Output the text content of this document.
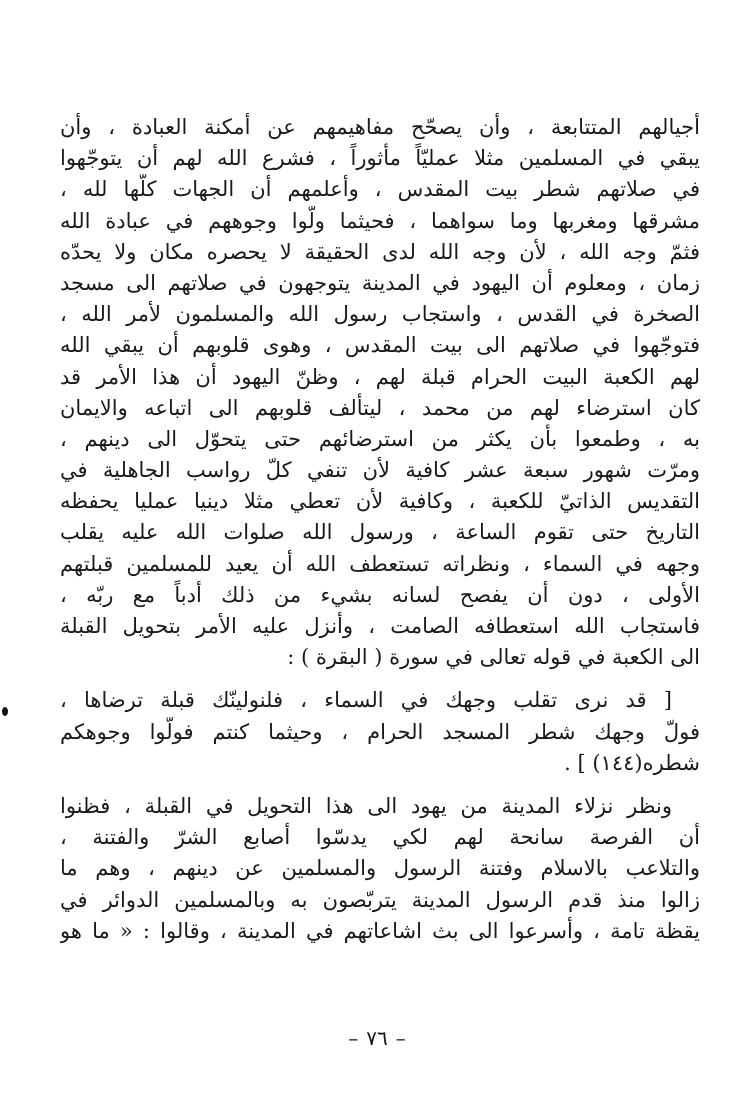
أجيالهم المتتابعة ، وأن يصحّح مفاهيمهم عن أمكنة العبادة ، وأن
يبقي في المسلمين مثلا عمليّاً مأثوراً ، فشرع الله لهم أن يتوجّهوا
في صلاتهم شطر بيت المقدس ، وأعلمهم أن الجهات كلّها لله ،
مشرقها ومغربها وما سواهما ، فحيثما ولّوا وجوههم في عبادة الله
فثمّ وجه الله ، لأن وجه الله لدى الحقيقة لا يحصره مكان ولا يحدّه
زمان ، ومعلوم أن اليهود في المدينة يتوجهون في صلاتهم الى مسجد
الصخرة في القدس ، واستجاب رسول الله والمسلمون لأمر الله ،
فتوجّهوا في صلاتهم الى بيت المقدس ، وهوى قلوبهم أن يبقي الله
لهم الكعبة البيت الحرام قبلة لهم ، وظنّ اليهود أن هذا الأمر قد
كان استرضاء لهم من محمد ، ليتألف قلوبهم الى اتباعه والايمان
به ، وطمعوا بأن يكثر من استرضائهم حتى يتحوّل الى دينهم ،
ومرّت شهور سبعة عشر كافية لأن تنفي كلّ رواسب الجاهلية في
التقديس الذاتيّ للكعبة ، وكافية لأن تعطي مثلا دينيا عمليا يحفظه
التاريخ حتى تقوم الساعة ، ورسول الله صلوات الله عليه يقلب
وجهه في السماء ، ونظراته تستعطف الله أن يعيد للمسلمين قبلتهم
الأولى ، دون أن يفصح لسانه بشيء من ذلك أدباً مع ربّه ،
فاستجاب الله استعطافه الصامت ، وأنزل عليه الأمر بتحويل القبلة
الى الكعبة في قوله تعالى في سورة ( البقرة ) :
[ قد نرى تقلب وجهك في السماء ، فلنولينّك قبلة ترضاها ،
فولّ وجهك شطر المسجد الحرام ، وحيثما كنتم فولّوا وجوهكم
شطره(١٤٤) ] .
ونظر نزلاء المدينة من يهود الى هذا التحويل في القبلة ، فظنوا
أن الفرصة سانحة لهم لكي يدسّوا أصابع الشرّ والفتنة ،
والتلاعب بالاسلام وفتنة الرسول والمسلمين عن دينهم ، وهم ما
زالوا منذ قدم الرسول المدينة يتربّصون به وبالمسلمين الدوائر في
يقظة تامة ، وأسرعوا الى بث اشاعاتهم في المدينة ، وقالوا : « ما هو
–٧٦–
